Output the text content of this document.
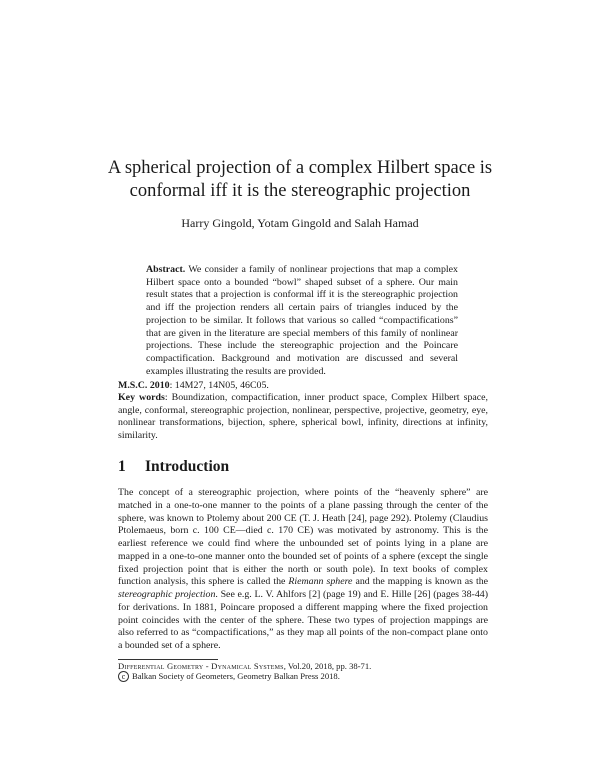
A spherical projection of a complex Hilbert space is
conformal iff it is the stereographic projection
Harry Gingold, Yotam Gingold and Salah Hamad
Abstract. We consider a family of nonlinear projections that map a complex Hilbert space onto a bounded “bowl” shaped subset of a sphere. Our main result states that a projection is conformal iff it is the stereographic projection and iff the projection renders all certain pairs of triangles induced by the projection to be similar. It follows that various so called “compactifications” that are given in the literature are special members of this family of nonlinear projections. These include the stereographic projection and the Poincare compactification. Background and motivation are discussed and several examples illustrating the results are provided.
M.S.C. 2010: 14M27, 14N05, 46C05.
Key words: Boundization, compactification, inner product space, Complex Hilbert space, angle, conformal, stereographic projection, nonlinear, perspective, projective, geometry, eye, nonlinear transformations, bijection, sphere, spherical bowl, infinity, directions at infinity, similarity.
1 Introduction

The concept of a stereographic projection, where points of the “heavenly sphere” are matched in a one-to-one manner to the points of a plane passing through the center of the sphere, was known to Ptolemy about 200 CE (T. J. Heath [24], page 292). Ptolemy (Claudius Ptolemaeus, born c. 100 CE—died c. 170 CE) was motivated by astronomy. This is the earliest reference we could find where the unbounded set of points lying in a plane are mapped in a one-to-one manner onto the bounded set of points of a sphere (except the single fixed projection point that is either the north or south pole). In text books of complex function analysis, this sphere is called the Riemann sphere and the mapping is known as the stereographic projection. See e.g. L. V. Ahlfors [2] (page 19) and E. Hille [26] (pages 38-44) for derivations. In 1881, Poincare proposed a different mapping where the fixed projection point coincides with the center of the sphere. These two types of projection mappings are also referred to as “compactifications,” as they map all points of the non-compact plane onto a bounded set of a sphere.

Differential Geometry - Dynamical Systems, Vol.20, 2018, pp. 38-71.
c Balkan Society of Geometers, Geometry Balkan Press 2018.
